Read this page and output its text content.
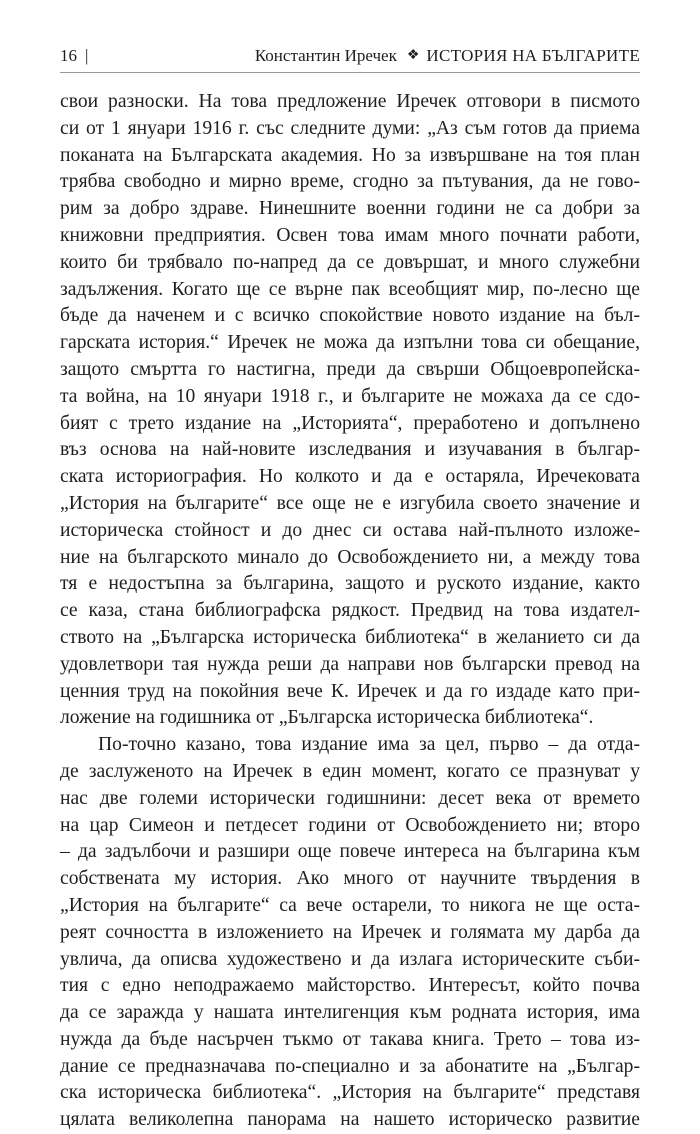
16 |	Константин Иречек ❖ ИСТОРИЯ НА БЪЛГАРИТЕ
свои разноски. На това предложение Иречек отговори в писмото
си от 1 януари 1916 г. със следните думи: „Аз съм готов да приема
поканата на Българската академия. Но за извършване на тоя план
трябва свободно и мирно време, сгодно за пътувания, да не гово-
рим за добро здраве. Нинешните военни години не са добри за
книжовни предприятия. Освен това имам много почнати работи,
които би трябвало по-напред да се довършат, и много служебни
задължения. Когато ще се върне пак всеобщият мир, по-лесно ще
бъде да наченем и с всичко спокойствие новото издание на бъл-
гарската история.“ Иречек не можа да изпълни това си обещание,
защото смъртта го настигна, преди да свърши Общоевропейска-
та война, на 10 януари 1918 г., и българите не можаха да се сдо-
бият с трето издание на „Историята“, преработено и допълнено
въз основа на най-новите изследвания и изучавания в българ-
ската историография. Но колкото и да е остаряла, Иречековата
„История на българите“ все още не е изгубила своето значение и
историческа стойност и до днес си остава най-пълното изложе-
ние на българското минало до Освобождението ни, а между това
тя е недостъпна за българина, защото и руското издание, както
се каза, стана библиографска рядкост. Предвид на това издател-
ството на „Българска историческа библиотека“ в желанието си да
удовлетвори тая нужда реши да направи нов български превод на
ценния труд на покойния вече К. Иречек и да го издаде като при-
ложение на годишника от „Българска историческа библиотека“.
По-точно казано, това издание има за цел, първо – да отда-
де заслуженото на Иречек в един момент, когато се празнуват у
нас две големи исторически годишнини: десет века от времето
на цар Симеон и петдесет години от Освобождението ни; второ
– да задълбочи и разшири още повече интереса на българина към
собствената му история. Ако много от научните твърдения в
„История на българите“ са вече остарели, то никога не ще оста-
реят сочността в изложението на Иречек и голямата му дарба да
увлича, да описва художествено и да излага историческите съби-
тия с едно неподражаемо майсторство. Интересът, който почва
да се заражда у нашата интелигенция към родната история, има
нужда да бъде насърчен тъкмо от такава книга. Трето – това из-
дание се предназначава по-специално и за абонатите на „Българ-
ска историческа библиотека“. „История на българите“ представя
цялата великолепна панорама на нашето историческо развитие
